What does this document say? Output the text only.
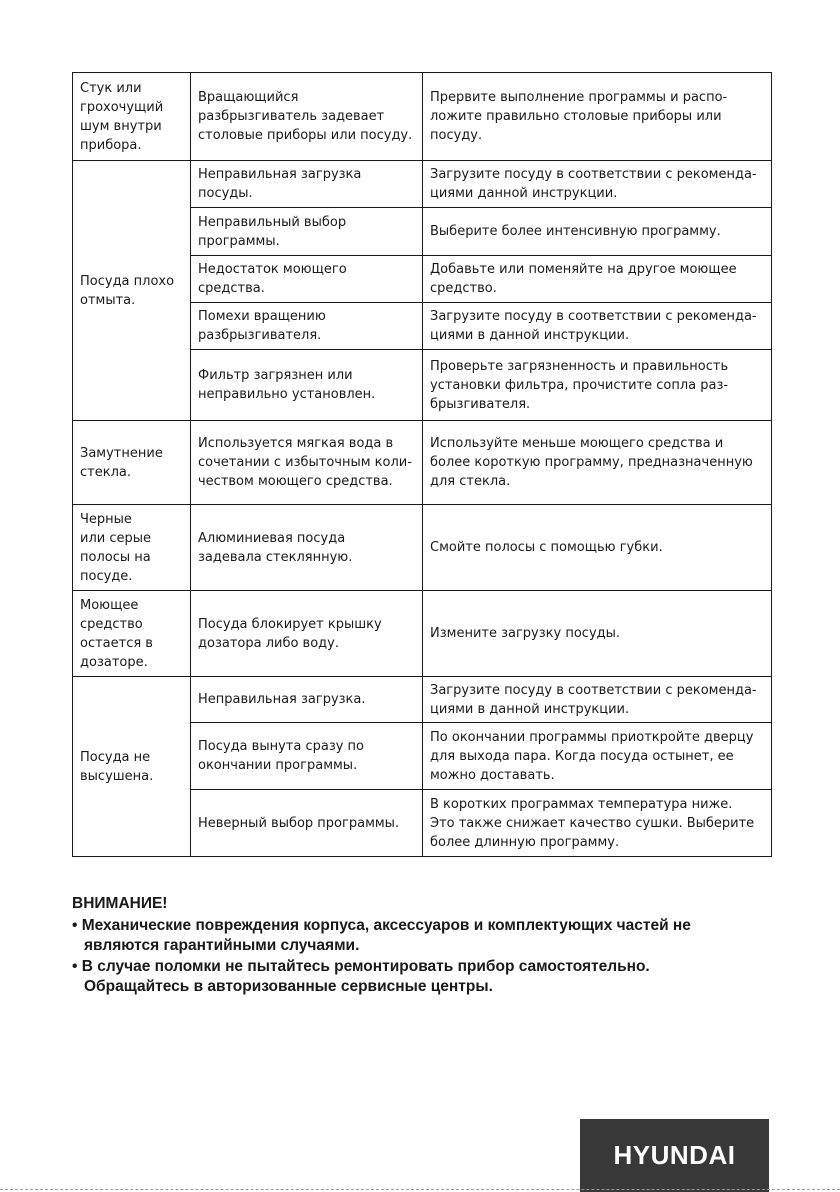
Стук или
грохочущий
шум внутри
прибора.	Вращающийся
разбрызгиватель задевает
столовые приборы или посуду.	Прервите выполнение программы и распо-
ложите правильно столовые приборы или
посуду.
Посуда плохо
отмыта.	Неправильная загрузка
посуды.	Загрузите посуду в соответствии с рекоменда-
циями данной инструкции.
	Неправильный выбор
программы.	Выберите более интенсивную программу.
	Недостаток моющего
средства.	Добавьте или поменяйте на другое моющее
средство.
	Помехи вращению
разбрызгивателя.	Загрузите посуду в соответствии с рекоменда-
циями в данной инструкции.
	Фильтр загрязнен или
неправильно установлен.	Проверьте загрязненность и правильность
установки фильтра, прочистите сопла раз-
брызгивателя.
Замутнение
стекла.	Используется мягкая вода в
сочетании с избыточным коли-
чеством моющего средства.	Используйте меньше моющего средства и
более короткую программу, предназначенную
для стекла.
Черные
или серые
полосы на
посуде.	Алюминиевая посуда
задевала стеклянную.	Смойте полосы с помощью губки.
Моющее
средство
остается в
дозаторе.	Посуда блокирует крышку
дозатора либо воду.	Измените загрузку посуды.
Посуда не
высушена.	Неправильная загрузка.	Загрузите посуду в соответствии с рекоменда-
циями в данной инструкции.
	Посуда вынута сразу по
окончании программы.	По окончании программы приоткройте дверцу
для выхода пара. Когда посуда остынет, ее
можно доставать.
	Неверный выбор программы.	В коротких программах температура ниже.
Это также снижает качество сушки. Выберите
более длинную программу.
ВНИМАНИЕ!
• Механические повреждения корпуса, аксессуаров и комплектующих частей не
являются гарантийными случаями.
• В случае поломки не пытайтесь ремонтировать прибор самостоятельно.
Обращайтесь в авторизованные сервисные центры.
HYUNDAI
